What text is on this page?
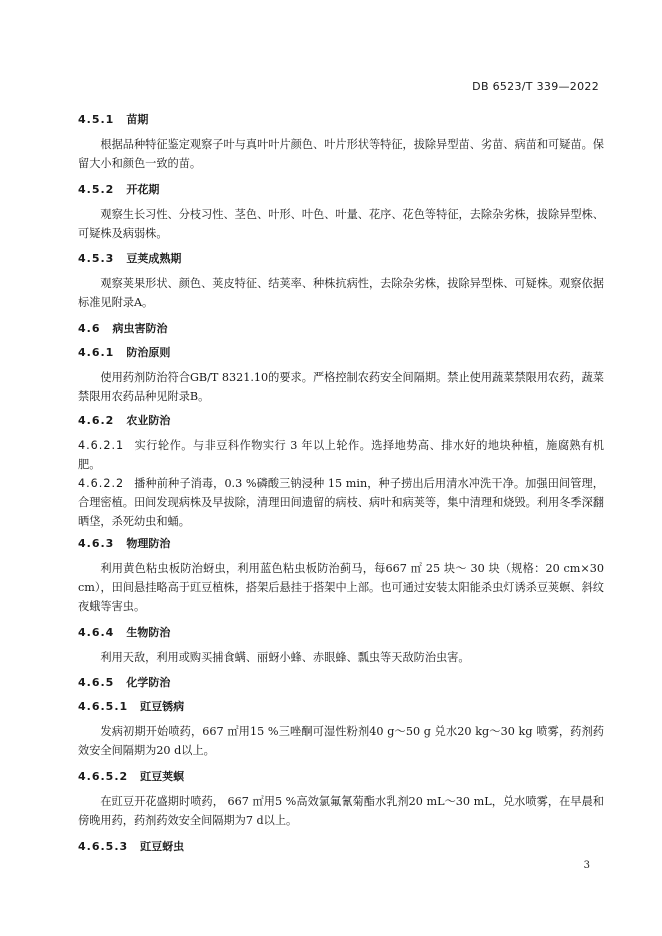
DB 6523/T 339—2022
4.5.1 苗期
根据品种特征鉴定观察子叶与真叶叶片颜色、叶片形状等特征，拔除异型苗、劣苗、病苗和可疑苗。保留大小和颜色一致的苗。
4.5.2 开花期
观察生长习性、分枝习性、茎色、叶形、叶色、叶量、花序、花色等特征，去除杂劣株，拔除异型株、可疑株及病弱株。
4.5.3 豆荚成熟期
观察荚果形状、颜色、荚皮特征、结荚率、种株抗病性，去除杂劣株，拔除异型株、可疑株。观察依据标准见附录A。
4.6 病虫害防治
4.6.1 防治原则
使用药剂防治符合GB/T 8321.10的要求。严格控制农药安全间隔期。禁止使用蔬菜禁限用农药，蔬菜禁限用农药品种见附录B。
4.6.2 农业防治
4.6.2.1 实行轮作。与非豆科作物实行 3 年以上轮作。选择地势高、排水好的地块种植，施腐熟有机肥。
4.6.2.2 播种前种子消毒，0.3 %磷酸三钠浸种 15 min，种子捞出后用清水冲洗干净。加强田间管理，合理密植。田间发现病株及早拔除，清理田间遗留的病枝、病叶和病荚等，集中清理和烧毁。利用冬季深翻晒垡，杀死幼虫和蛹。
4.6.3 物理防治
利用黄色粘虫板防治蚜虫，利用蓝色粘虫板防治蓟马，每667 ㎡ 25 块～ 30 块（规格：20 cm×30 cm），田间悬挂略高于豇豆植株，搭架后悬挂于搭架中上部。也可通过安装太阳能杀虫灯诱杀豆荚螟、斜纹夜蛾等害虫。
4.6.4 生物防治
利用天敌，利用或购买捕食螨、丽蚜小蜂、赤眼蜂、瓢虫等天敌防治虫害。
4.6.5 化学防治
4.6.5.1 豇豆锈病
发病初期开始喷药，667 ㎡用15 %三唑酮可湿性粉剂40 g～50 g 兑水20 kg～30 kg 喷雾，药剂药效安全间隔期为20 d以上。
4.6.5.2 豇豆荚螟
在豇豆开花盛期时喷药， 667 ㎡用5 %高效氯氟氰菊酯水乳剂20 mL～30 mL，兑水喷雾，在早晨和傍晚用药，药剂药效安全间隔期为7 d以上。
4.6.5.3 豇豆蚜虫
3
